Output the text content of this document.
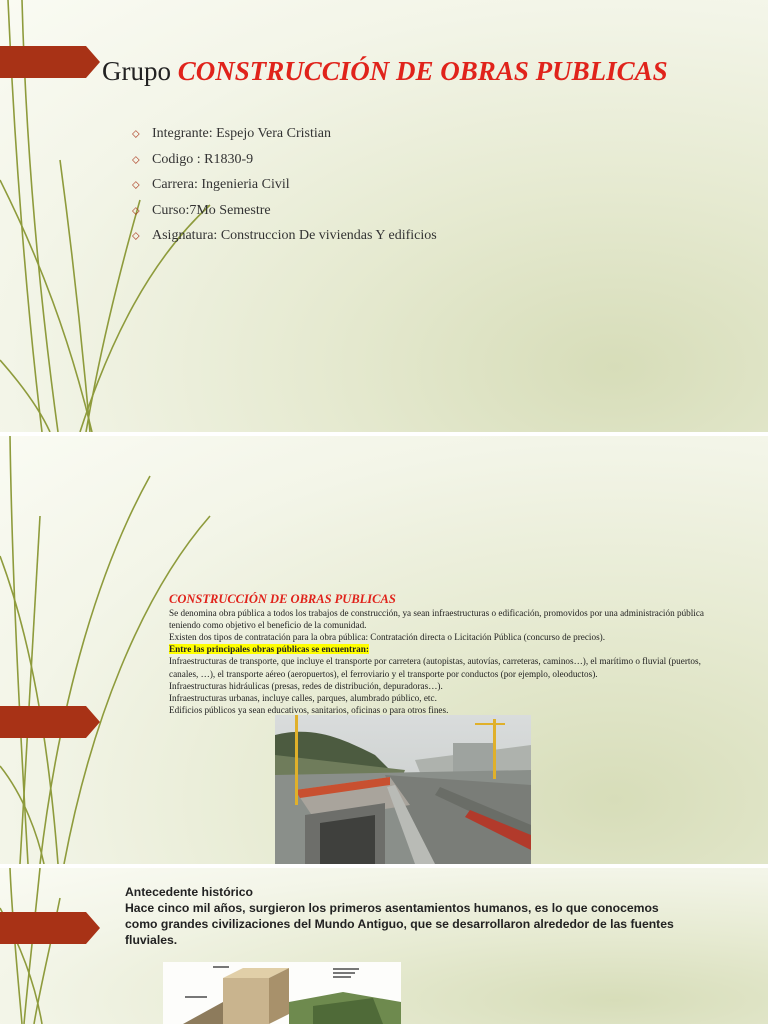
Grupo CONSTRUCCIÓN DE OBRAS PUBLICAS
⬦ Integrante: Espejo Vera Cristian
⬦ Codigo : R1830-9
⬦ Carrera: Ingenieria Civil
⬦ Curso:7Mo Semestre
⬦ Asignatura: Construccion De viviendas Y edificios
CONSTRUCCIÓN DE OBRAS PUBLICAS
Se denomina obra pública a todos los trabajos de construcción, ya sean infraestructuras o edificación, promovidos por una administración pública teniendo como objetivo el beneficio de la comunidad.
Existen dos tipos de contratación para la obra pública: Contratación directa o Licitación Pública (concurso de precios).
Entre las principales obras públicas se encuentran:
Infraestructuras de transporte, que incluye el transporte por carretera (autopistas, autovías, carreteras, caminos…), el marítimo o fluvial (puertos, canales, …), el transporte aéreo (aeropuertos), el ferroviario y el transporte por conductos (por ejemplo, oleoductos).
Infraestructuras hidráulicas (presas, redes de distribución, depuradoras…).
Infraestructuras urbanas, incluye calles, parques, alumbrado público, etc.
Edificios públicos ya sean educativos, sanitarios, oficinas o para otros fines.
Antecedente histórico
Hace cinco mil años, surgieron los primeros asentamientos humanos, es lo que conocemos como grandes civilizaciones del Mundo Antiguo, que se desarrollaron alrededor de las fuentes fluviales.
